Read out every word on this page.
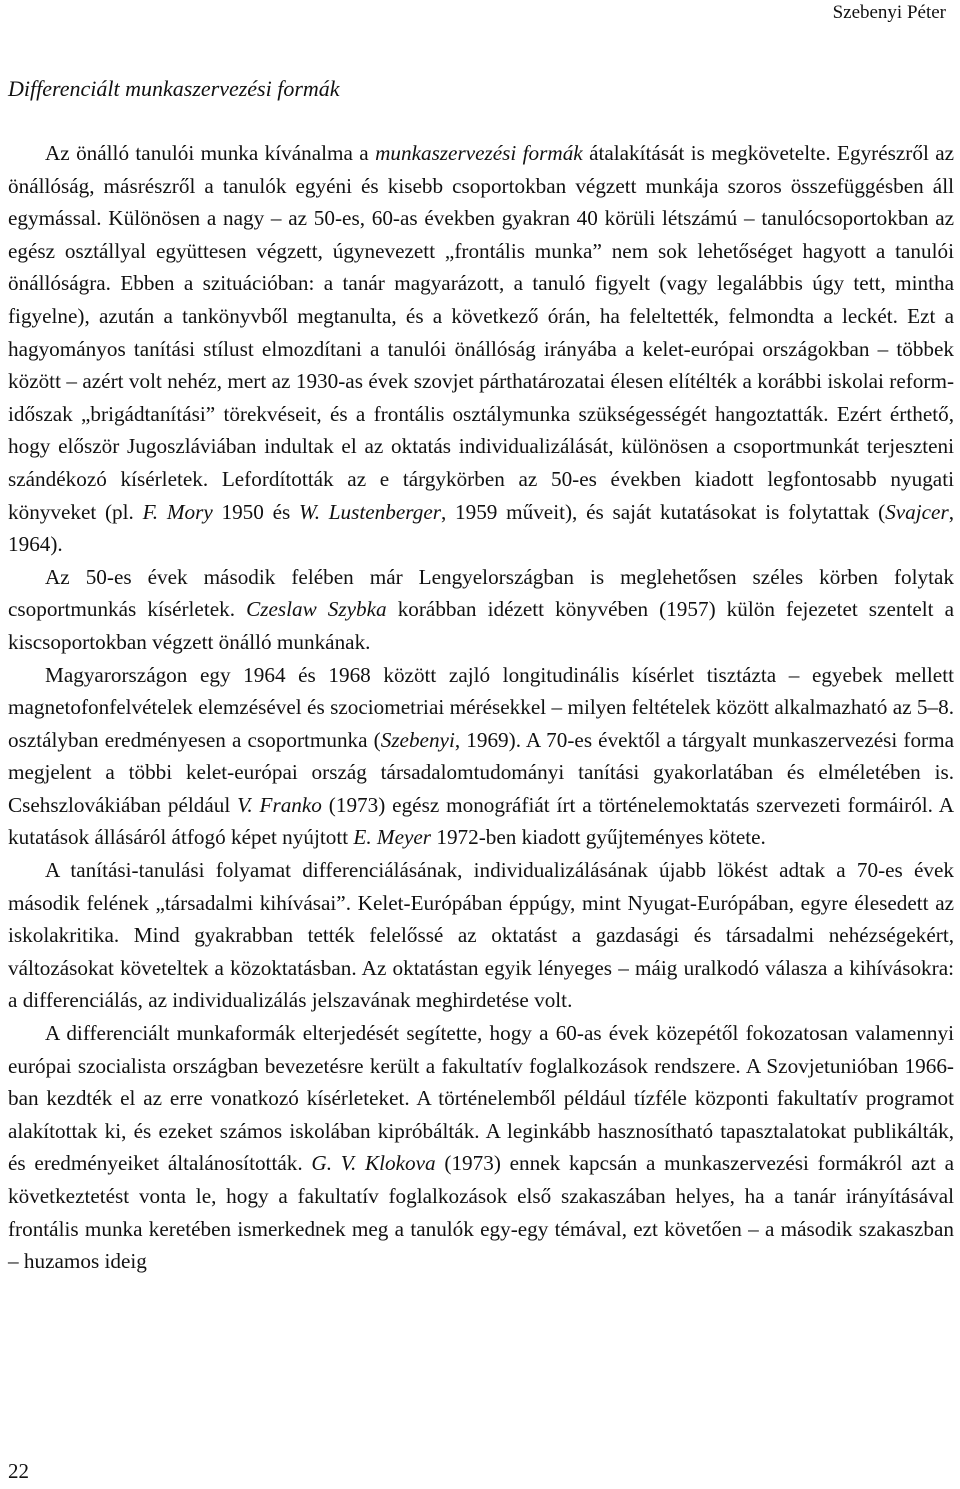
Szebenyi Péter
Differenciált munkaszervezési formák

Az önálló tanulói munka kívánalma a munkaszervezési formák átalakítását is megkövetelte. Egyrészről az önállóság, másrészről a tanulók egyéni és kisebb csoportokban végzett munkája szoros összefüggésben áll egymással. Különösen a nagy – az 50-es, 60-as években gyakran 40 körüli létszámú – tanulócsoportokban az egész osztállyal együttesen végzett, úgynevezett „frontális munka” nem sok lehetőséget hagyott a tanulói önállóságra. Ebben a szituációban: a tanár magyarázott, a tanuló figyelt (vagy legalábbis úgy tett, mintha figyelne), azután a tankönyvből megtanulta, és a következő órán, ha feleltették, felmondta a leckét. Ezt a hagyományos tanítási stílust elmozdítani a tanulói önállóság irányába a kelet-európai országokban – többek között – azért volt nehéz, mert az 1930-as évek szovjet párthatározatai élesen elítélték a korábbi iskolai reform-időszak „brigádtanítási” törekvéseit, és a frontális osztálymunka szükségességét hangoztatták. Ezért érthető, hogy először Jugoszláviában indultak el az oktatás individualizálását, különösen a csoportmunkát terjeszteni szándékozó kísérletek. Lefordították az e tárgykörben az 50-es években kiadott legfontosabb nyugati könyveket (pl. F. Mory 1950 és W. Lustenberger, 1959 műveit), és saját kutatásokat is folytattak (Svajcer, 1964).

Az 50-es évek második felében már Lengyelországban is meglehetősen széles körben folytak csoportmunkás kísérletek. Czeslaw Szybka korábban idézett könyvében (1957) külön fejezetet szentelt a kiscsoportokban végzett önálló munkának.

Magyarországon egy 1964 és 1968 között zajló longitudinális kísérlet tisztázta – egyebek mellett magnetofonfelvételek elemzésével és szociometriai mérésekkel – milyen feltételek között alkalmazható az 5–8. osztályban eredményesen a csoportmunka (Szebenyi, 1969). A 70-es évektől a tárgyalt munkaszervezési forma megjelent a többi kelet-európai ország társadalomtudományi tanítási gyakorlatában és elméletében is. Csehszlovákiában például V. Franko (1973) egész monográfiát írt a történelemoktatás szervezeti formáiról. A kutatások állásáról átfogó képet nyújtott E. Meyer 1972-ben kiadott gyűjteményes kötete.

A tanítási-tanulási folyamat differenciálásának, individualizálásának újabb lökést adtak a 70-es évek második felének „társadalmi kihívásai”. Kelet-Európában éppúgy, mint Nyugat-Európában, egyre élesedett az iskolakritika. Mind gyakrabban tették felelőssé az oktatást a gazdasági és társadalmi nehézségekért, változásokat követeltek a közoktatásban. Az oktatástan egyik lényeges – máig uralkodó válasza a kihívásokra: a differenciálás, az individualizálás jelszavának meghirdetése volt.

A differenciált munkaformák elterjedését segítette, hogy a 60-as évek közepétől fokozatosan valamennyi európai szocialista országban bevezetésre került a fakultatív foglalkozások rendszere. A Szovjetunióban 1966-ban kezdték el az erre vonatkozó kísérleteket. A történelemből például tízféle központi fakultatív programot alakítottak ki, és ezeket számos iskolában kipróbálták. A leginkább hasznosítható tapasztalatokat publikálták, és eredményeiket általánosították. G. V. Klokova (1973) ennek kapcsán a munkaszervezési formákról azt a következtetést vonta le, hogy a fakultatív foglalkozások első szakaszában helyes, ha a tanár irányításával frontális munka keretében ismerkednek meg a tanulók egy-egy témával, ezt követően – a második szakaszban – huzamos ideig

22
